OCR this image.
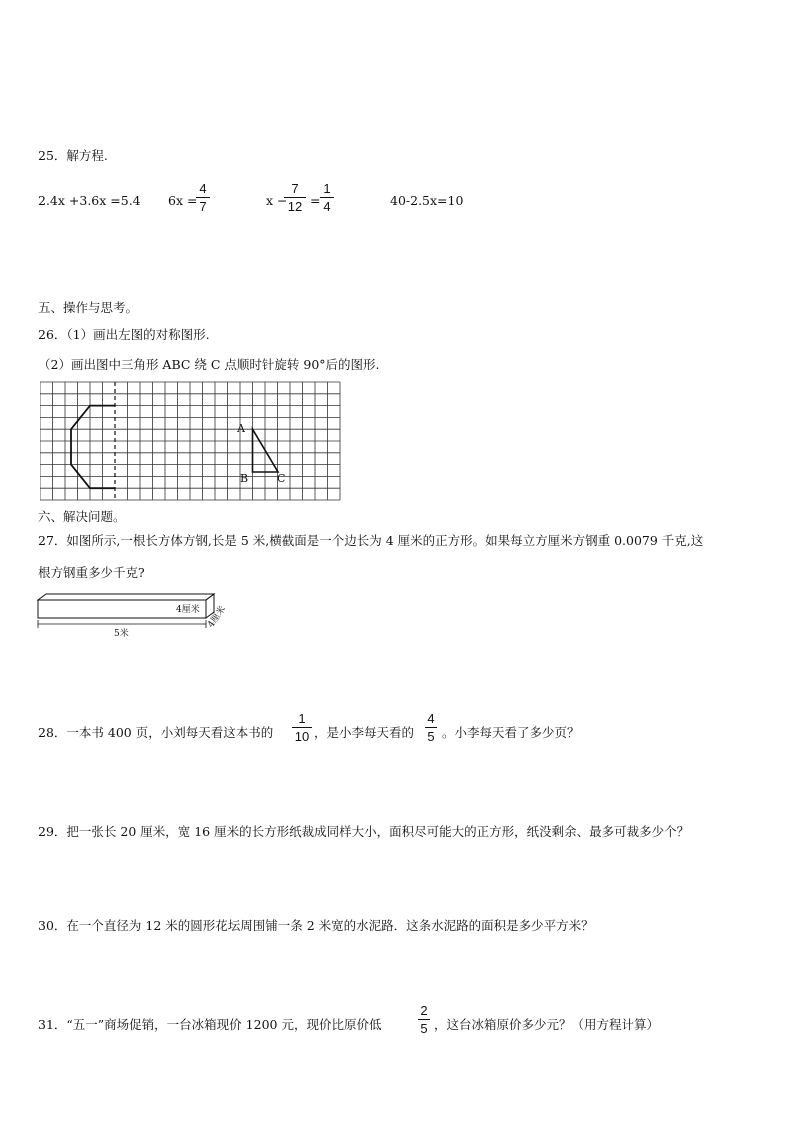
25．解方程.
2.4x +3.6x =5.4 6x =
4
7	x −
7
12 =
1
4	40-2.5x=10
五、操作与思考。
26．（1）画出左图的对称图形.
（2）画出图中三角形 ABC 绕 C 点顺时针旋转 90°后的图形.
A
B	C
六、解决问题。
27．如图所示,一根长方体方钢,长是 5 米,横截面是一个边长为 4 厘米的正方形。如果每立方厘米方钢重 0.0079 千克,这
根方钢重多少千克?
4厘米 4厘米
5米
28．一本书 400 页，小刘每天看这本书的
1
10 ，是小李每天看的
4
5 。小李每天看了多少页？
29．把一张长 20 厘米，宽 16 厘米的长方形纸裁成同样大小，面积尽可能大的正方形，纸没剩余、最多可裁多少个？
30．在一个直径为 12 米的圆形花坛周围铺一条 2 米宽的水泥路．这条水泥路的面积是多少平方米？
31．“五一”商场促销，一台冰箱现价 1200 元，现价比原价低
2
5 ，这台冰箱原价多少元？（用方程计算）
